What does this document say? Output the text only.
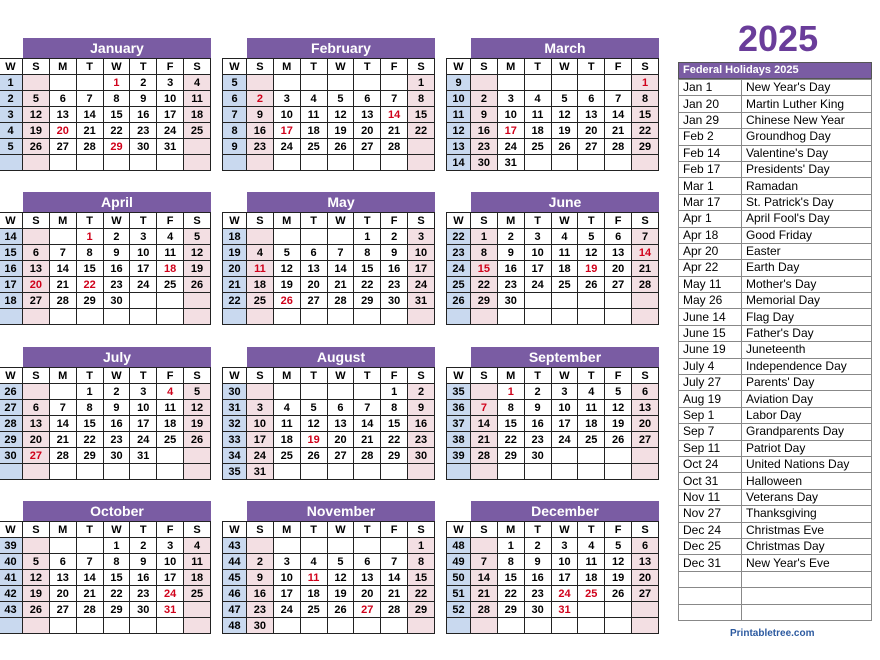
2025
January
W	S	M	T	W	T	F	S
1				1	2	3	4
2	5	6	7	8	9	10	11
3	12	13	14	15	16	17	18
4	19	20	21	22	23	24	25
5	26	27	28	29	30	31	

February
W	S	M	T	W	T	F	S
5							1
6	2	3	4	5	6	7	8
7	9	10	11	12	13	14	15
8	16	17	18	19	20	21	22
9	23	24	25	26	27	28	

March
W	S	M	T	W	T	F	S
9							1
10	2	3	4	5	6	7	8
11	9	10	11	12	13	14	15
12	16	17	18	19	20	21	22
13	23	24	25	26	27	28	29
14	30	31					
April
W	S	M	T	W	T	F	S
14			1	2	3	4	5
15	6	7	8	9	10	11	12
16	13	14	15	16	17	18	19
17	20	21	22	23	24	25	26
18	27	28	29	30			

May
W	S	M	T	W	T	F	S
18					1	2	3
19	4	5	6	7	8	9	10
20	11	12	13	14	15	16	17
21	18	19	20	21	22	23	24
22	25	26	27	28	29	30	31

June
W	S	M	T	W	T	F	S
22	1	2	3	4	5	6	7
23	8	9	10	11	12	13	14
24	15	16	17	18	19	20	21
25	22	23	24	25	26	27	28
26	29	30					

July
W	S	M	T	W	T	F	S
26			1	2	3	4	5
27	6	7	8	9	10	11	12
28	13	14	15	16	17	18	19
29	20	21	22	23	24	25	26
30	27	28	29	30	31		

August
W	S	M	T	W	T	F	S
30						1	2
31	3	4	5	6	7	8	9
32	10	11	12	13	14	15	16
33	17	18	19	20	21	22	23
34	24	25	26	27	28	29	30
35	31						
September
W	S	M	T	W	T	F	S
35		1	2	3	4	5	6
36	7	8	9	10	11	12	13
37	14	15	16	17	18	19	20
38	21	22	23	24	25	26	27
39	28	29	30				

October
W	S	M	T	W	T	F	S
39				1	2	3	4
40	5	6	7	8	9	10	11
41	12	13	14	15	16	17	18
42	19	20	21	22	23	24	25
43	26	27	28	29	30	31	

November
W	S	M	T	W	T	F	S
43							1
44	2	3	4	5	6	7	8
45	9	10	11	12	13	14	15
46	16	17	18	19	20	21	22
47	23	24	25	26	27	28	29
48	30						
December
W	S	M	T	W	T	F	S
48		1	2	3	4	5	6
49	7	8	9	10	11	12	13
50	14	15	16	17	18	19	20
51	21	22	23	24	25	26	27
52	28	29	30	31			

Federal Holidays 2025
Jan 1	New Year's Day
Jan 20	Martin Luther King
Jan 29	Chinese New Year
Feb 2	Groundhog Day
Feb 14	Valentine's Day
Feb 17	Presidents' Day
Mar 1	Ramadan
Mar 17	St. Patrick's Day
Apr 1	April Fool's Day
Apr 18	Good Friday
Apr 20	Easter
Apr 22	Earth Day
May 11	Mother's Day
May 26	Memorial Day
June 14	Flag Day
June 15	Father's Day
June 19	Juneteenth
July 4	Independence Day
July 27	Parents' Day
Aug 19	Aviation Day
Sep 1	Labor Day
Sep 7	Grandparents Day
Sep 11	Patriot Day
Oct 24	United Nations Day
Oct 31	Halloween
Nov 11	Veterans Day
Nov 27	Thanksgiving
Dec 24	Christmas Eve
Dec 25	Christmas Day
Dec 31	New Year's Eve

Printabletree.com
